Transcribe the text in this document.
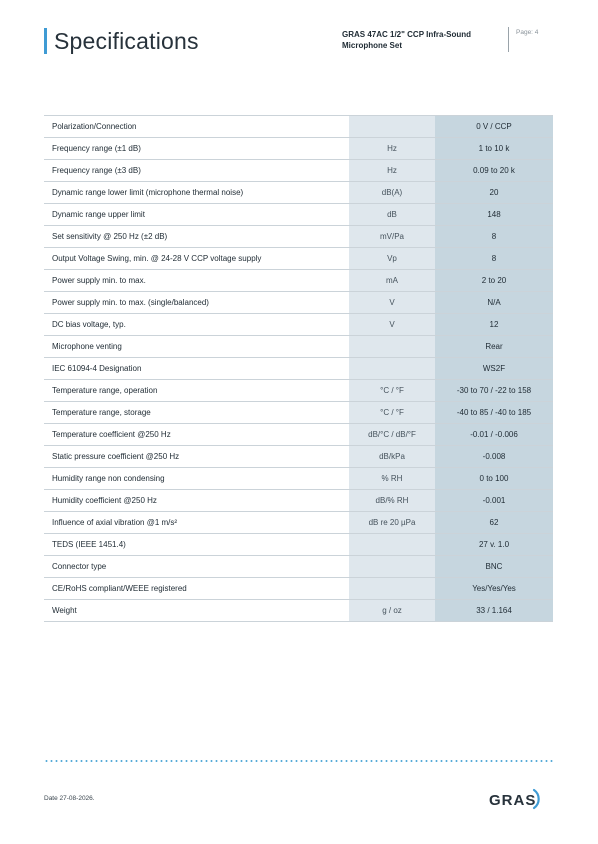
Specifications	GRAS 47AC 1/2" CCP Infra-Sound Microphone Set
Page: 4
Polarization/Connection		0 V / CCP
Frequency range (±1 dB)	Hz	1 to 10 k
Frequency range (±3 dB)	Hz	0.09 to 20 k
Dynamic range lower limit (microphone thermal noise)	dB(A)	20
Dynamic range upper limit	dB	148
Set sensitivity @ 250 Hz (±2 dB)	mV/Pa	8
Output Voltage Swing, min. @ 24-28 V CCP voltage supply	Vp	8
Power supply min. to max.	mA	2 to 20
Power supply min. to max. (single/balanced)	V	N/A
DC bias voltage, typ.	V	12
Microphone venting		Rear
IEC 61094-4 Designation		WS2F
Temperature range, operation	°C / °F	-30 to 70 / -22 to 158
Temperature range, storage	°C / °F	-40 to 85 / -40 to 185
Temperature coefficient @250 Hz	dB/°C / dB/°F	-0.01 / -0.006
Static pressure coefficient @250 Hz	dB/kPa	-0.008
Humidity range non condensing	% RH	0 to 100
Humidity coefficient @250 Hz	dB/% RH	-0.001
Influence of axial vibration @1 m/s²	dB re 20 µPa	62
TEDS (IEEE 1451.4)		27 v. 1.0
Connector type		BNC
CE/RoHS compliant/WEEE registered		Yes/Yes/Yes
Weight	g / oz	33 / 1.164
Date 27-08-2026.	GRAS
